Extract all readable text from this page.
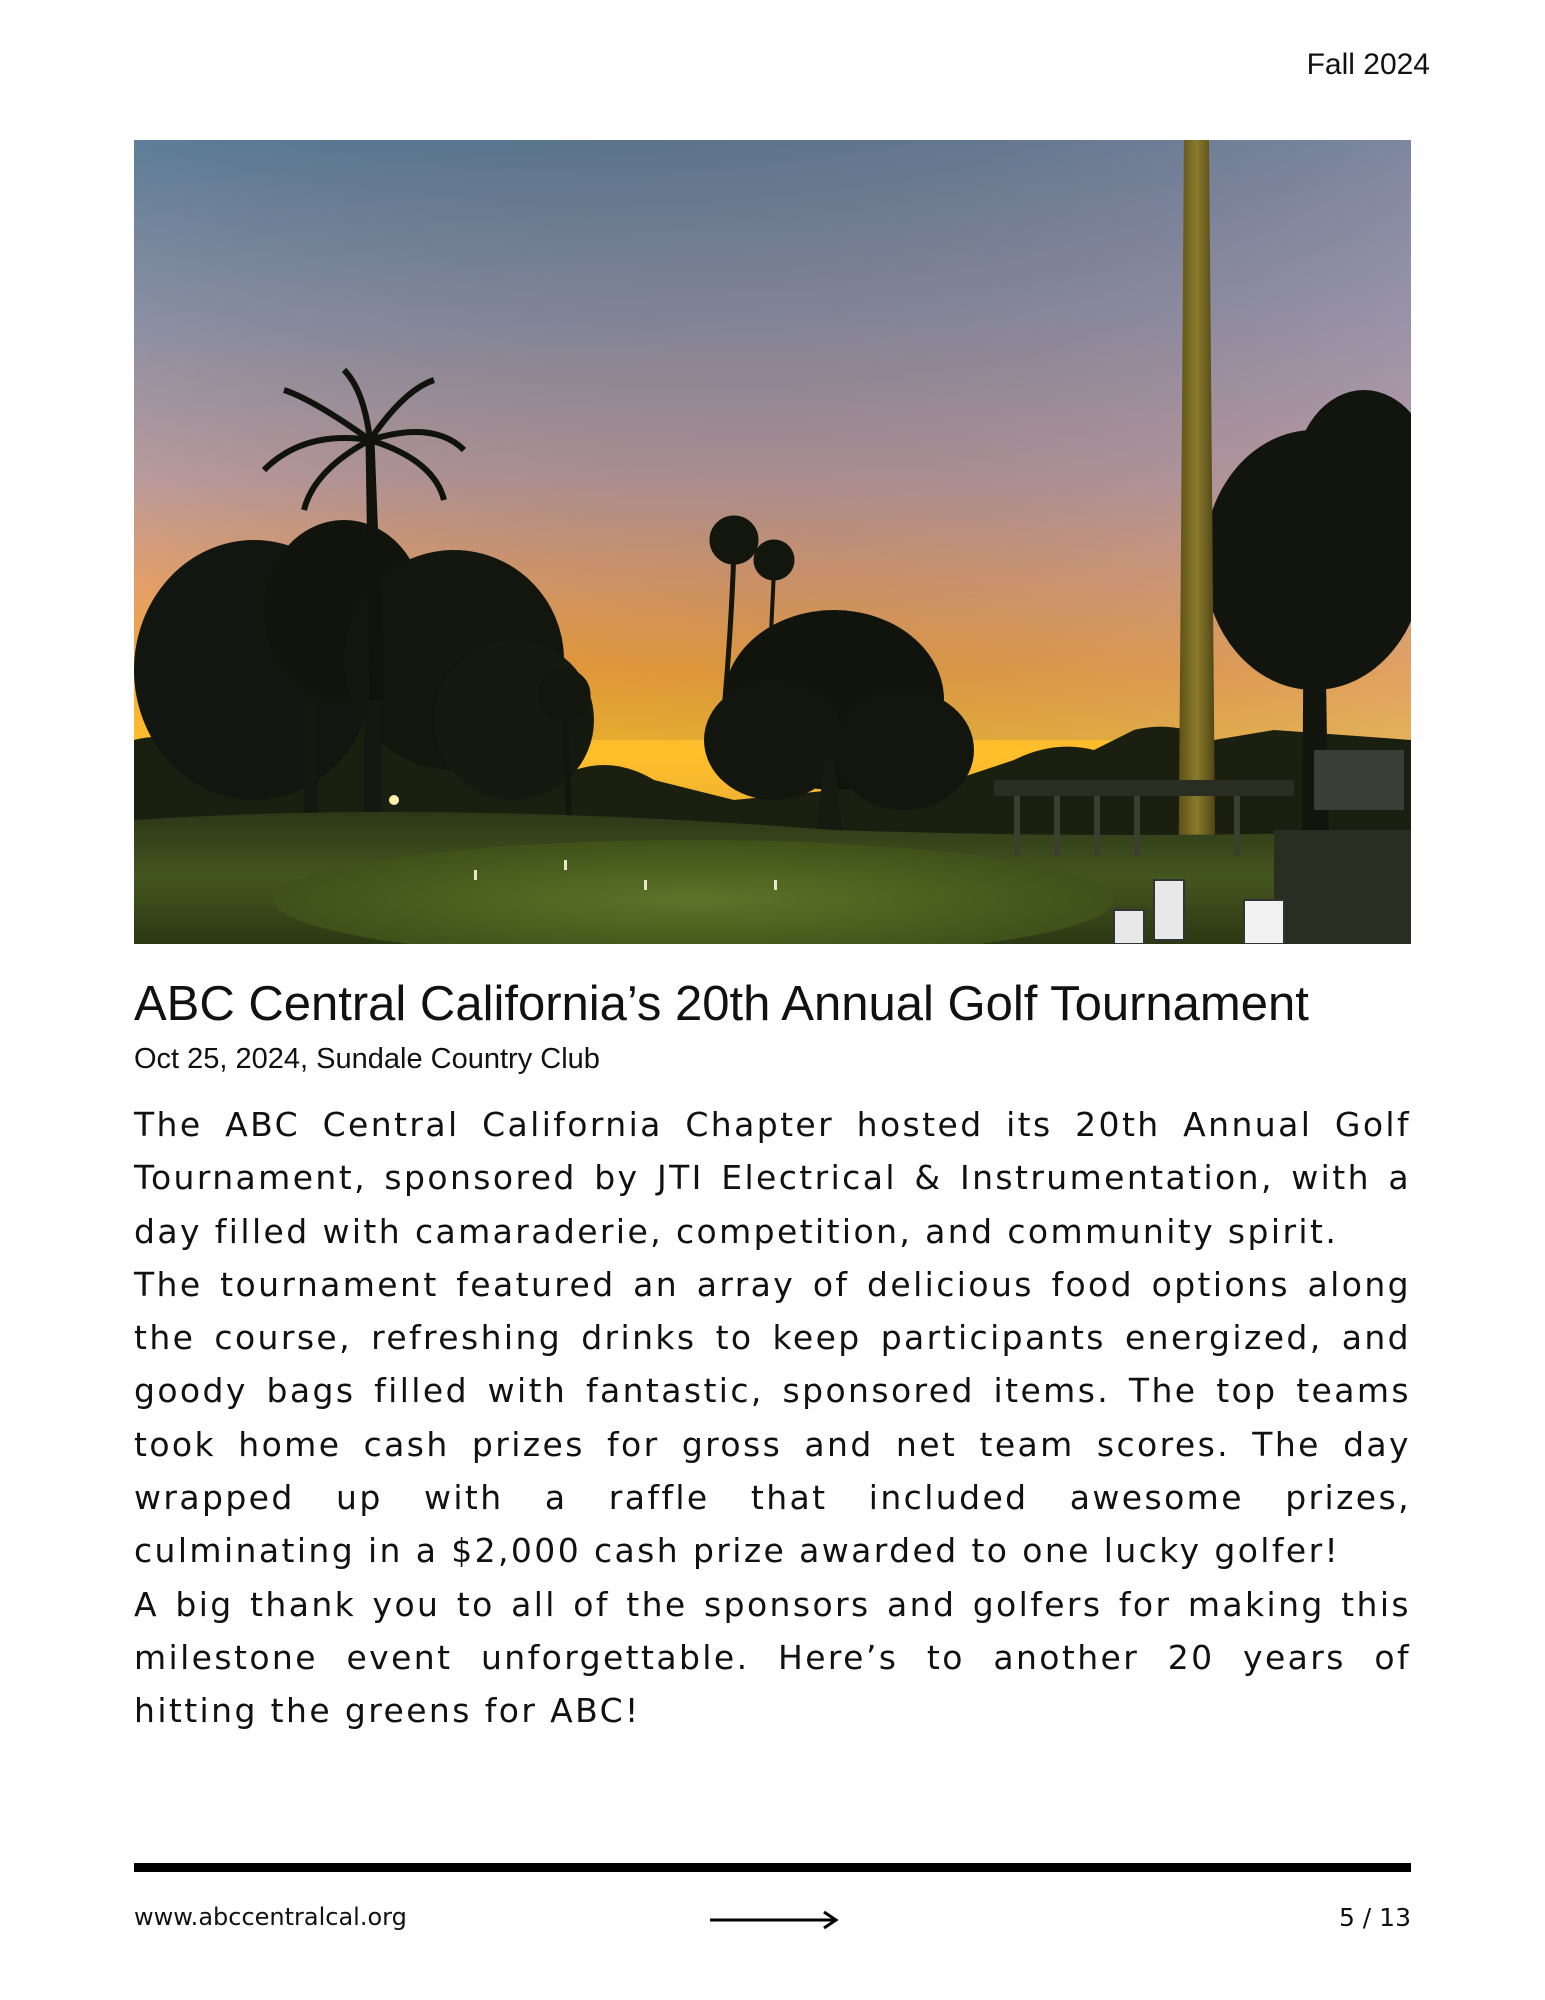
Fall 2024
ABC Central California’s 20th Annual Golf Tournament
Oct 25, 2024, Sundale Country Club

The ABC Central California Chapter hosted its 20th Annual Golf Tournament, sponsored by JTI Electrical & Instrumentation, with a day filled with camaraderie, competition, and community spirit.

The tournament featured an array of delicious food options along the course, refreshing drinks to keep participants energized, and goody bags filled with fantastic, sponsored items. The top teams took home cash prizes for gross and net team scores. The day wrapped up with a raffle that included awesome prizes, culminating in a $2,000 cash prize awarded to one lucky golfer!

A big thank you to all of the sponsors and golfers for making this milestone event unforgettable. Here’s to another 20 years of hitting the greens for ABC!

www.abccentralcal.org	5 / 13
